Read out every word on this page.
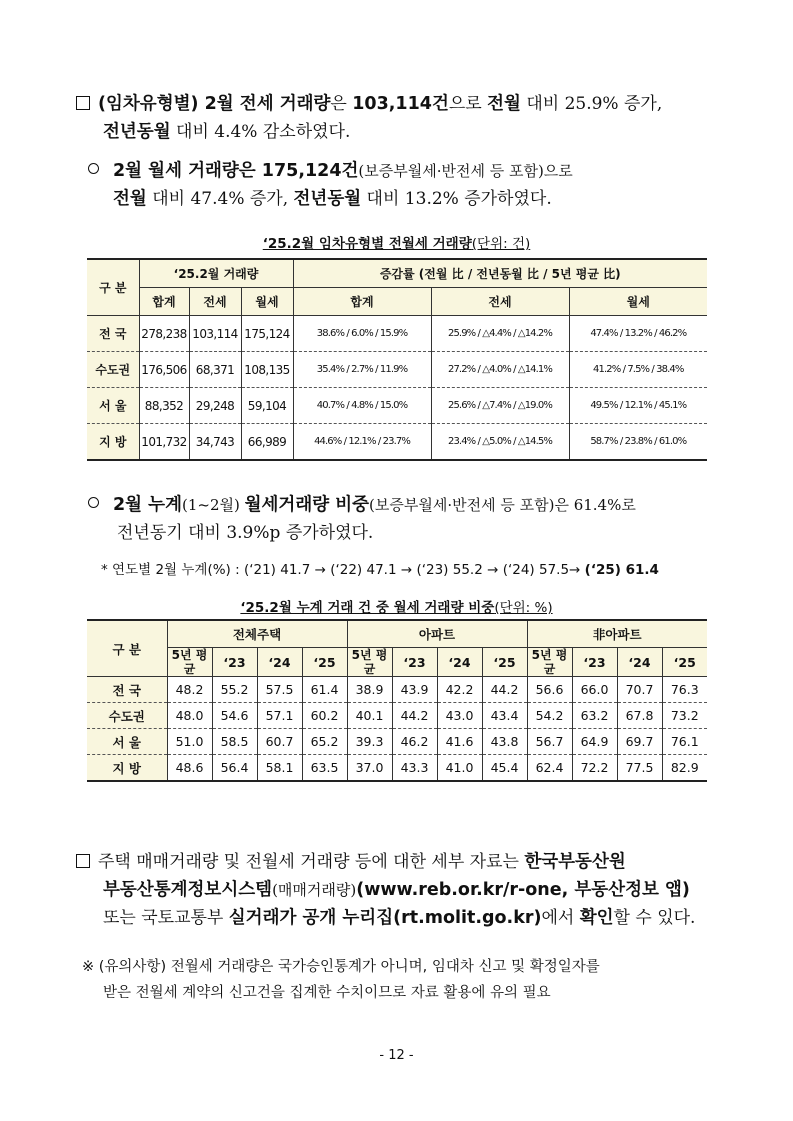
(임차유형별) 2월 전세 거래량은 103,114건으로 전월 대비 25.9% 증가,
전년동월 대비 4.4% 감소하였다.
2월 월세 거래량은 175,124건(보증부월세·반전세 등 포함)으로
전월 대비 47.4% 증가, 전년동월 대비 13.2% 증가하였다.
‘25.2월 임차유형별 전월세 거래량(단위: 건)
구 분	‘25.2월 거래량			증감률 (전월 比 / 전년동월 比 / 5년 평균 比)		
	합계	전세	월세	합계	전세	월세
전 국	278,238	103,114	175,124	38.6% / 6.0% / 15.9%	25.9% / △4.4% / △14.2%	47.4% / 13.2% / 46.2%
수도권	176,506	68,371	108,135	35.4% / 2.7% / 11.9%	27.2% / △4.0% / △14.1%	41.2% / 7.5% / 38.4%
서 울	88,352	29,248	59,104	40.7% / 4.8% / 15.0%	25.6% / △7.4% / △19.0%	49.5% / 12.1% / 45.1%
지 방	101,732	34,743	66,989	44.6% / 12.1% / 23.7%	23.4% / △5.0% / △14.5%	58.7% / 23.8% / 61.0%
2월 누계(1~2월) 월세거래량 비중(보증부월세·반전세 등 포함)은 61.4%로
전년동기 대비 3.9%p 증가하였다.
* 연도별 2월 누계(%) : (‘21) 41.7 → (‘22) 47.1 → (‘23) 55.2 → (‘24) 57.5→ (‘25) 61.4
‘25.2월 누계 거래 건 중 월세 거래량 비중(단위: %)
구 분	전체주택				아파트				非아파트			
	5년 평균	‘23	‘24	‘25	5년 평균	‘23	‘24	‘25	5년 평균	‘23	‘24	‘25
전 국	48.2	55.2	57.5	61.4	38.9	43.9	42.2	44.2	56.6	66.0	70.7	76.3
수도권	48.0	54.6	57.1	60.2	40.1	44.2	43.0	43.4	54.2	63.2	67.8	73.2
서 울	51.0	58.5	60.7	65.2	39.3	46.2	41.6	43.8	56.7	64.9	69.7	76.1
지 방	48.6	56.4	58.1	63.5	37.0	43.3	41.0	45.4	62.4	72.2	77.5	82.9
주택 매매거래량 및 전월세 거래량 등에 대한 세부 자료는 한국부동산원
부동산통계정보시스템(매매거래량)(www.reb.or.kr/r-one, 부동산정보 앱)
또는 국토교통부 실거래가 공개 누리집(rt.molit.go.kr)에서 확인할 수 있다.
※ (유의사항) 전월세 거래량은 국가승인통계가 아니며, 임대차 신고 및 확정일자를
받은 전월세 계약의 신고건을 집계한 수치이므로 자료 활용에 유의 필요
- 12 -
